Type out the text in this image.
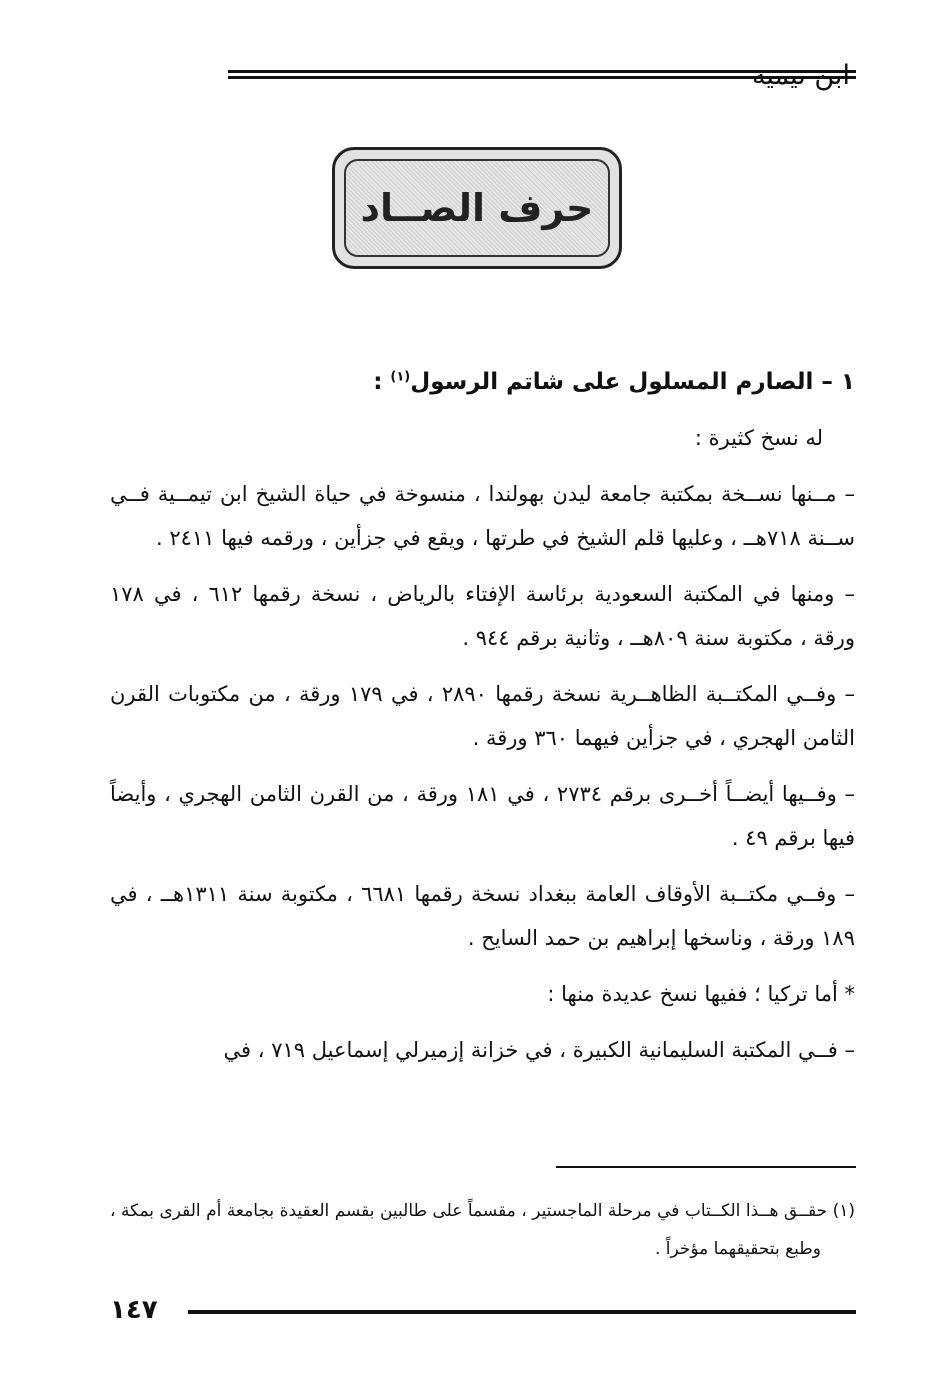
ابن تيمية
حرف الصــاد

١ – الصارم المسلول على شاتم الرسول$^{(١)}$ :

له نسخ كثيرة :

– مــنها نســخة بمكتبة جامعة ليدن بهولندا ، منسوخة في حياة الشيخ ابن تيمــية فــي ســنة ٧١٨هــ ، وعليها قلم الشيخ في طرتها ، ويقع في جزأين ، ورقمه فيها ٢٤١١ .

– ومنها في المكتبة السعودية برئاسة الإفتاء بالرياض ، نسخة رقمها ٦١٢ ، في ١٧٨ ورقة ، مكتوبة سنة ٨٠٩هــ ، وثانية برقم ٩٤٤ .

– وفــي المكتــبة الظاهــرية نسخة رقمها ٢٨٩٠ ، في ١٧٩ ورقة ، من مكتوبات القرن الثامن الهجري ، في جزأين فيهما ٣٦٠ ورقة .

– وفــيها أيضــاً أخــرى برقم ٢٧٣٤ ، في ١٨١ ورقة ، من القرن الثامن الهجري ، وأيضاً فيها برقم ٤٩ .

– وفــي مكتــبة الأوقاف العامة ببغداد نسخة رقمها ٦٦٨١ ، مكتوبة سنة ١٣١١هــ ، في ١٨٩ ورقة ، وناسخها إبراهيم بن حمد السايح .

* أما تركيا ؛ ففيها نسخ عديدة منها :

– فــي المكتبة السليمانية الكبيرة ، في خزانة إزميرلي إسماعيل ٧١٩ ، في

(١) حقــق هــذا الكــتاب في مرحلة الماجستير ، مقسماً على طالبين بقسم العقيدة بجامعة أم القرى بمكة ، وطبع بتحقيقهما مؤخراً .
١٤٧
